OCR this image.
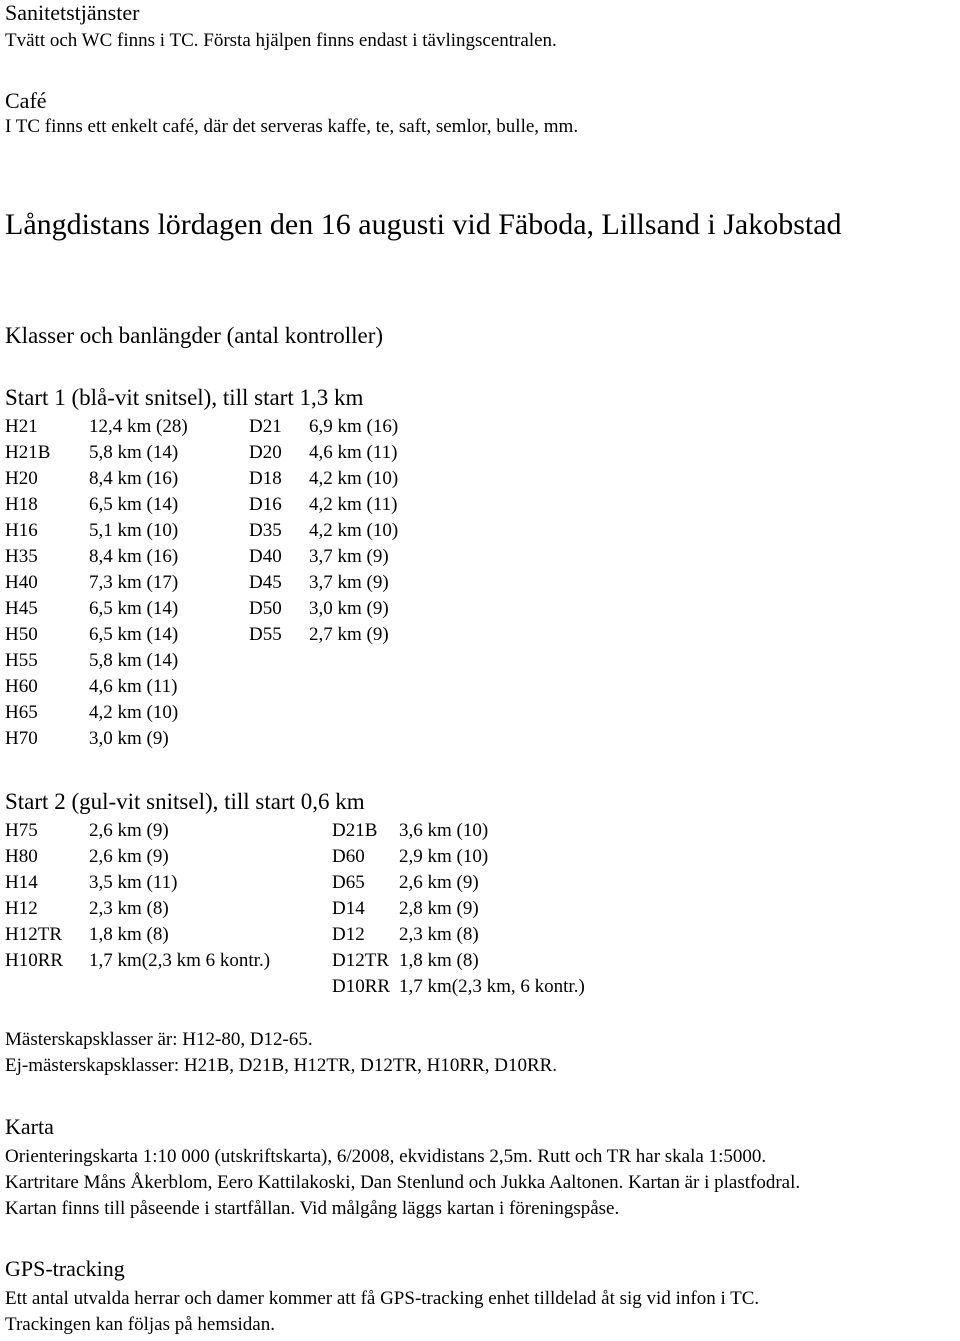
Sanitetstjänster
Tvätt och WC finns i TC. Första hjälpen finns endast i tävlingscentralen.
Café
I TC finns ett enkelt café, där det serveras kaffe, te, saft, semlor, bulle, mm.
Långdistans lördagen den 16 augusti vid Fäboda, Lillsand i Jakobstad
Klasser och banlängder (antal kontroller)
Start 1 (blå-vit snitsel), till start 1,3 km
H21	12,4 km (28)	D21 6,9 km (16)
H21B 5,8 km (14)	D20 4,6 km (11)
H20	8,4 km (16)	D18 4,2 km (10)
H18	6,5 km (14)	D16 4,2 km (11)
H16	5,1 km (10)	D35 4,2 km (10)
H35	8,4 km (16)	D40 3,7 km (9)
H40	7,3 km (17)	D45 3,7 km (9)
H45	6,5 km (14)	D50 3,0 km (9)
H50	6,5 km (14)	D55 2,7 km (9)
H55	5,8 km (14)
H60	4,6 km (11)
H65	4,2 km (10)
H70	3,0 km (9)
Start 2 (gul-vit snitsel), till start 0,6 km
H75	2,6 km (9)	D21B 3,6 km (10)
H80	2,6 km (9)	D60 2,9 km (10)
H14	3,5 km (11)	D65 2,6 km (9)
H12	2,3 km (8)	D14 2,8 km (9)
H12TR 1,8 km (8)	D12 2,3 km (8)
H10RR 1,7 km(2,3 km 6 kontr.)	D12TR 1,8 km (8)
D10RR 1,7 km(2,3 km, 6 kontr.)
Mästerskapsklasser är: H12-80, D12-65.
Ej-mästerskapsklasser: H21B, D21B, H12TR, D12TR, H10RR, D10RR.
Karta
Orienteringskarta 1:10 000 (utskriftskarta), 6/2008, ekvidistans 2,5m. Rutt och TR har skala 1:5000.
Kartritare Måns Åkerblom, Eero Kattilakoski, Dan Stenlund och Jukka Aaltonen. Kartan är i plastfodral.
Kartan finns till påseende i startfållan. Vid målgång läggs kartan i föreningspåse.
GPS-tracking
Ett antal utvalda herrar och damer kommer att få GPS-tracking enhet tilldelad åt sig vid infon i TC.
Trackingen kan följas på hemsidan.
